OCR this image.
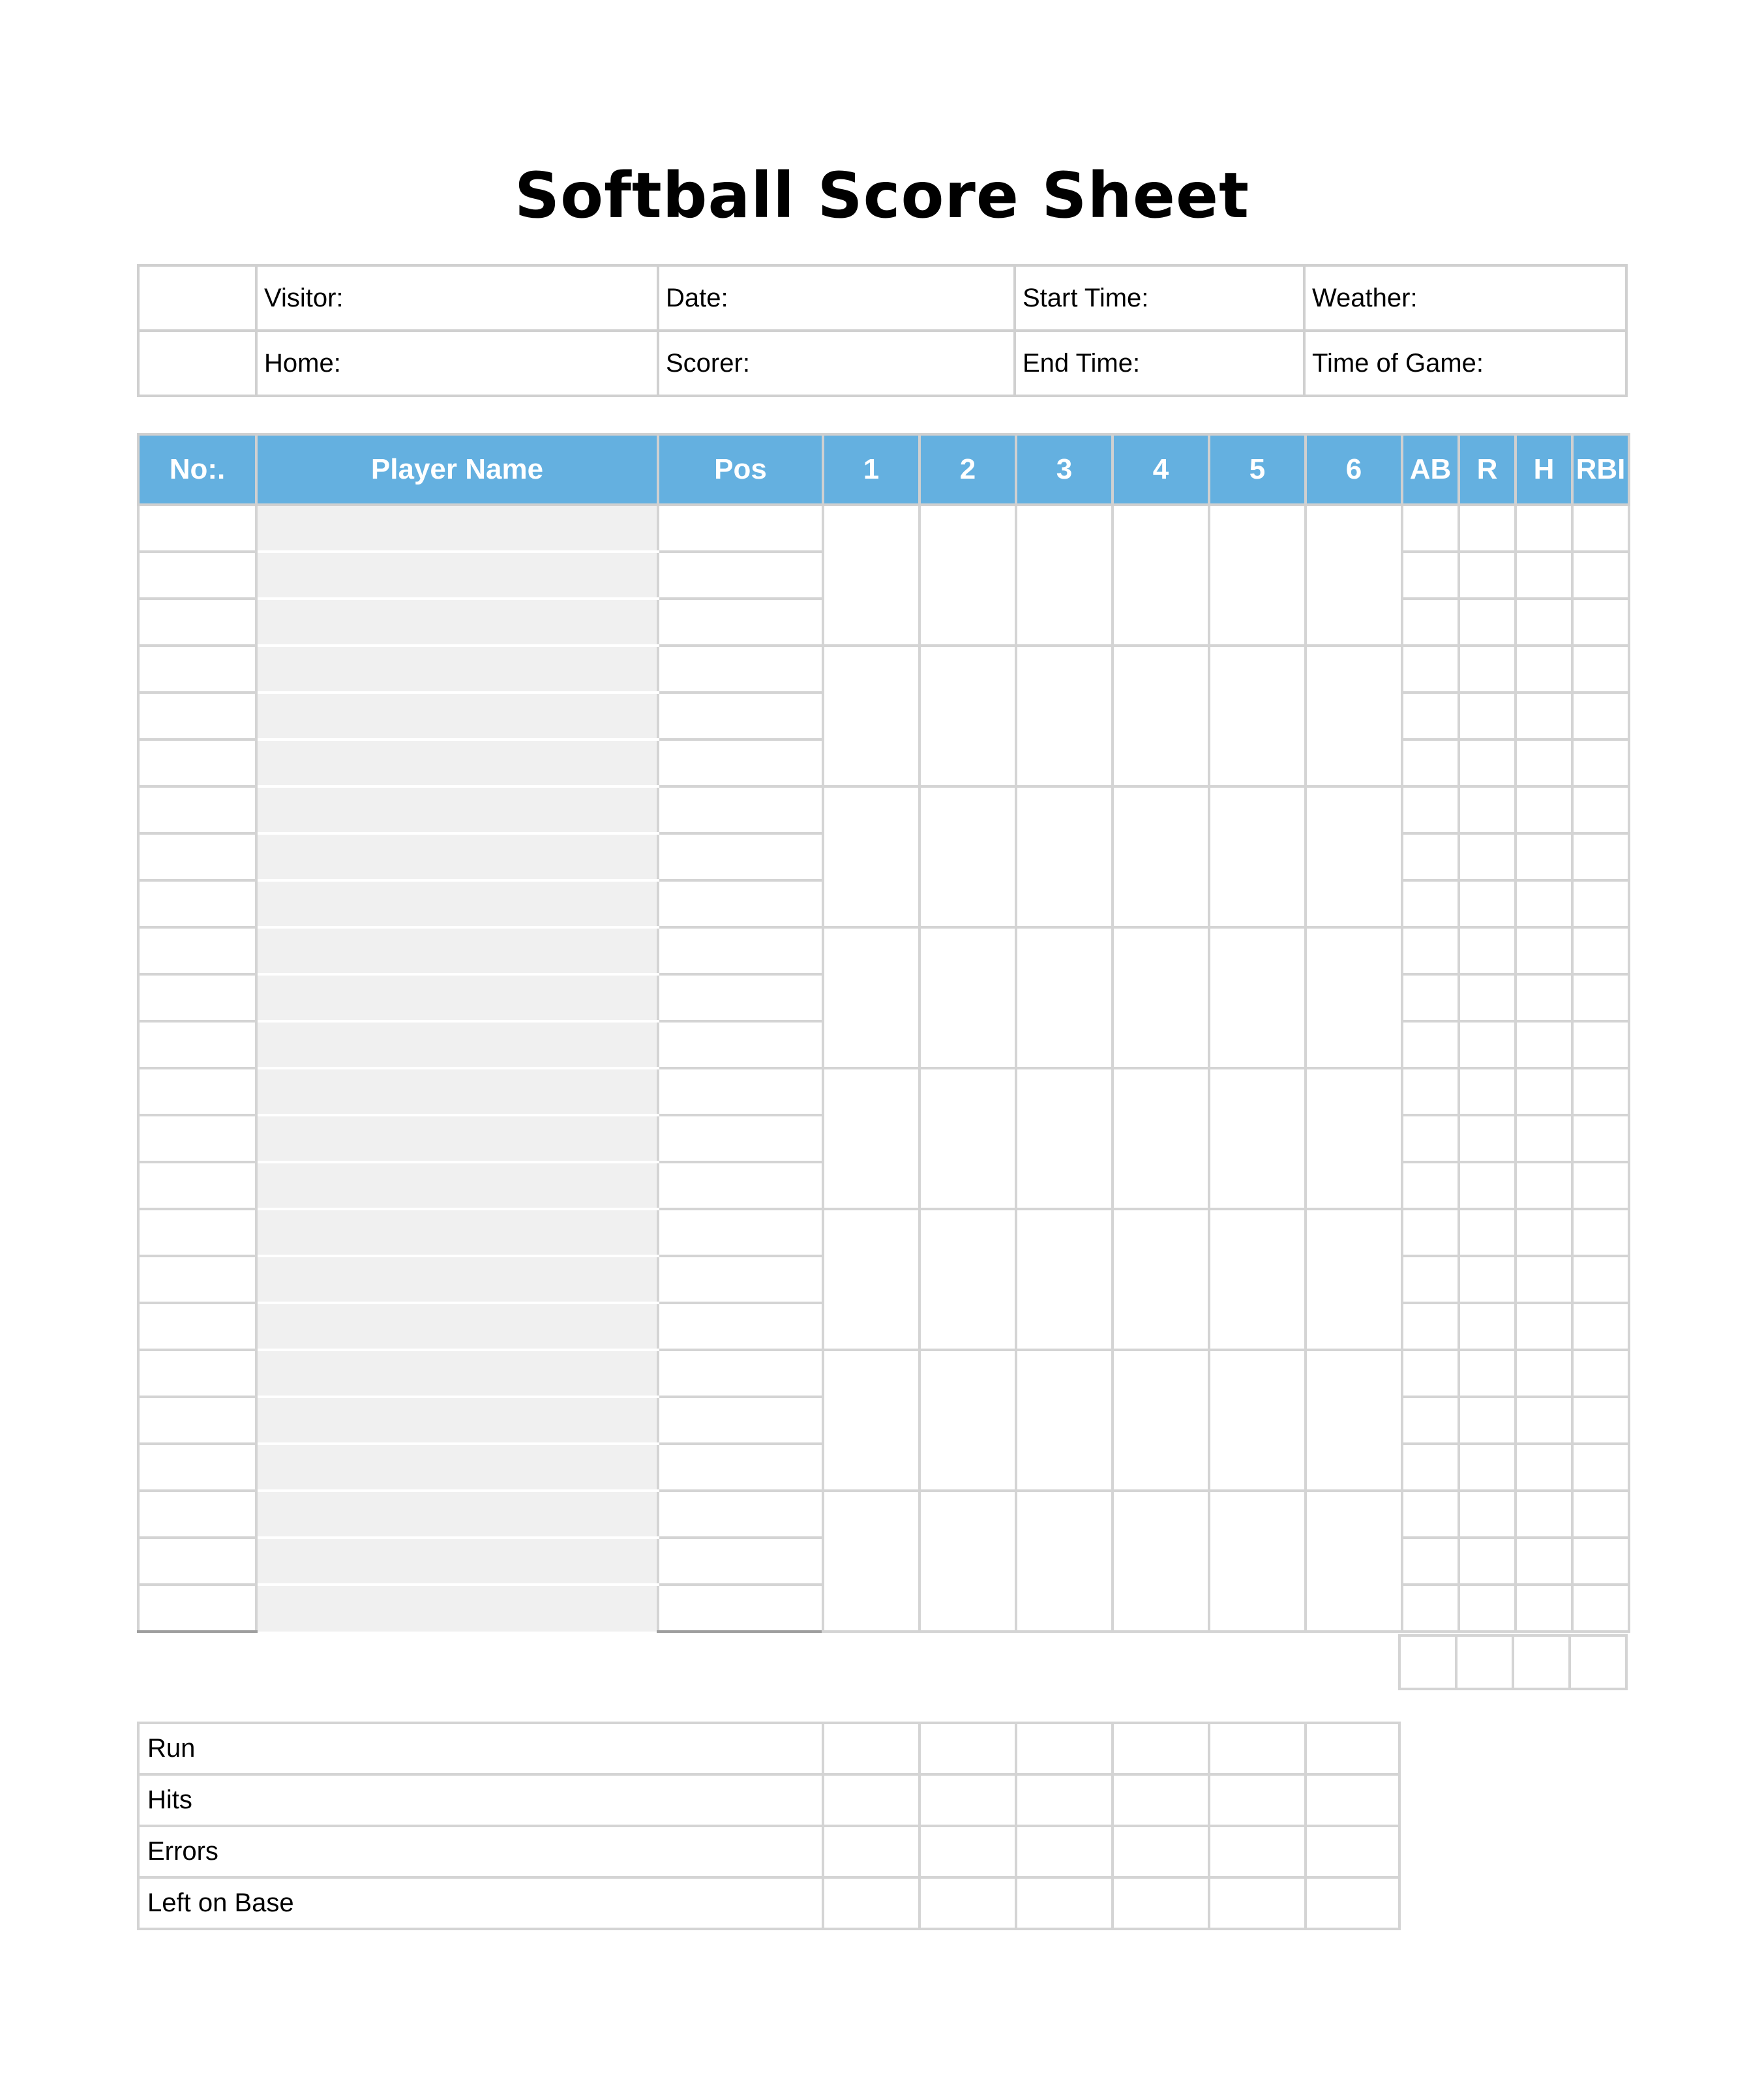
Softball Score Sheet
	Visitor:	Date:	Start Time:	Weather:
	Home:	Scorer:	End Time:	Time of Game:
No:.	Player Name	Pos	1	2	3	4	5	6	AB	R	H	RBI

Run						
Hits						
Errors						
Left on Base						
